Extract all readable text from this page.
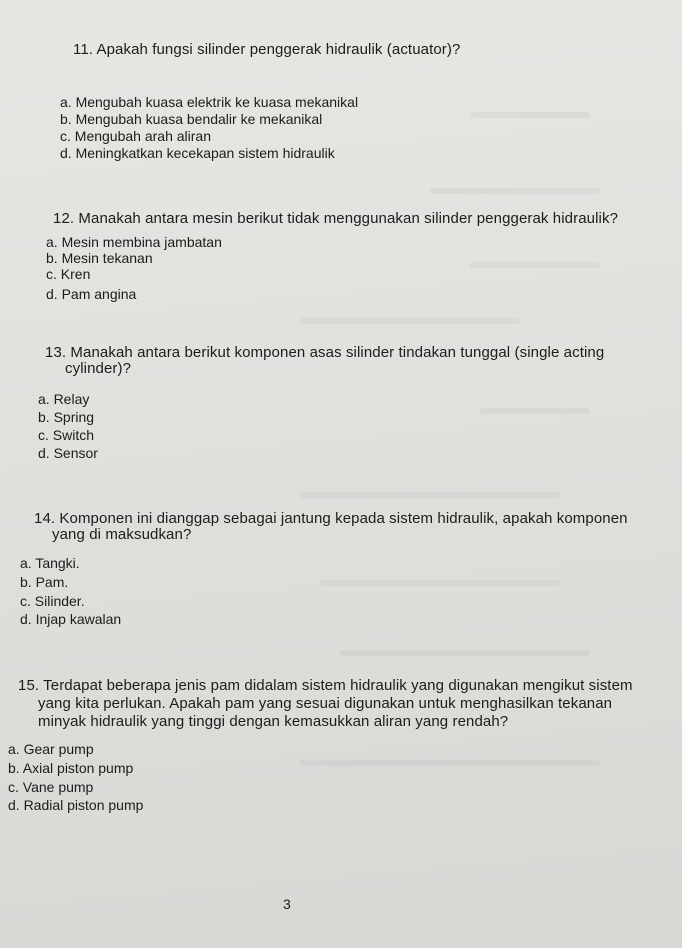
11. Apakah fungsi silinder penggerak hidraulik (actuator)?
a. Mengubah kuasa elektrik ke kuasa mekanikal
b. Mengubah kuasa bendalir ke mekanikal
c. Mengubah arah aliran
d. Meningkatkan kecekapan sistem hidraulik
12. Manakah antara mesin berikut tidak menggunakan silinder penggerak hidraulik?
a. Mesin membina jambatan
b. Mesin tekanan
c. Kren
d. Pam angina
13. Manakah antara berikut komponen asas silinder tindakan tunggal (single acting
cylinder)?
a. Relay
b. Spring
c. Switch
d. Sensor
14. Komponen ini dianggap sebagai jantung kepada sistem hidraulik, apakah komponen
yang di maksudkan?
a. Tangki.
b. Pam.
c. Silinder.
d. Injap kawalan
15. Terdapat beberapa jenis pam didalam sistem hidraulik yang digunakan mengikut sistem
yang kita perlukan. Apakah pam yang sesuai digunakan untuk menghasilkan tekanan
minyak hidraulik yang tinggi dengan kemasukkan aliran yang rendah?
a. Gear pump
b. Axial piston pump
c. Vane pump
d. Radial piston pump
3
